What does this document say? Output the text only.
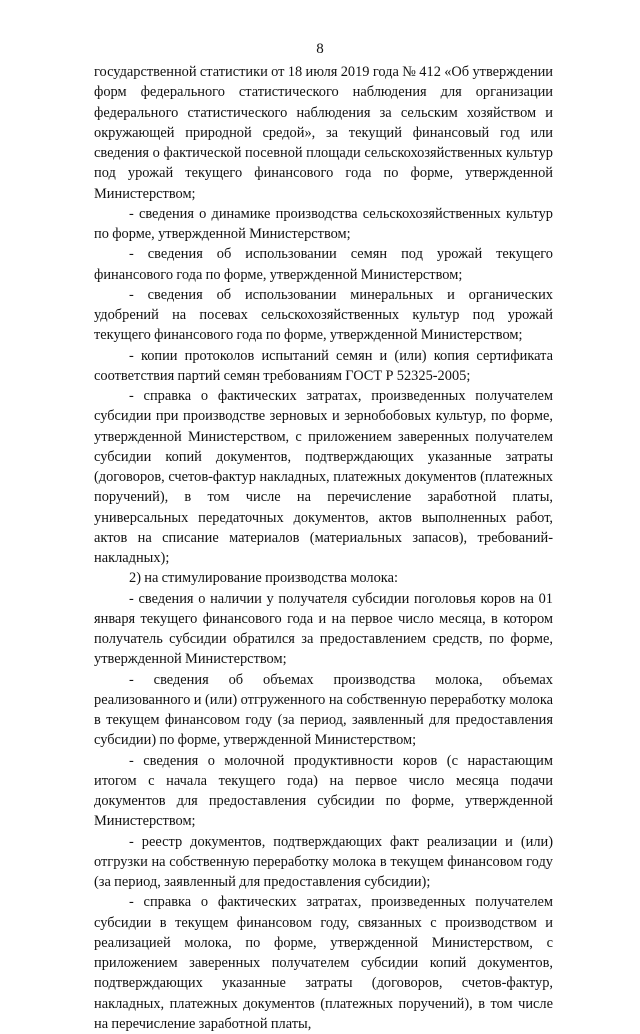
8

государственной статистики от 18 июля 2019 года № 412 «Об утверждении форм федерального статистического наблюдения для организации федерального статистического наблюдения за сельским хозяйством и окружающей природной средой», за текущий финансовый год или сведения о фактической посевной площади сельскохозяйственных культур под урожай текущего финансового года по форме, утвержденной Министерством;

- сведения о динамике производства сельскохозяйственных культур по форме, утвержденной Министерством;

- сведения об использовании семян под урожай текущего финансового года по форме, утвержденной Министерством;

- сведения об использовании минеральных и органических удобрений на посевах сельскохозяйственных культур под урожай текущего финансового года по форме, утвержденной Министерством;

- копии протоколов испытаний семян и (или) копия сертификата соответствия партий семян требованиям ГОСТ Р 52325-2005;

- справка о фактических затратах, произведенных получателем субсидии при производстве зерновых и зернобобовых культур, по форме, утвержденной Министерством, с приложением заверенных получателем субсидии копий документов, подтверждающих указанные затраты (договоров, счетов-фактур накладных, платежных документов (платежных поручений), в том числе на перечисление заработной платы, универсальных передаточных документов, актов выполненных работ, актов на списание материалов (материальных запасов), требований-накладных);

2) на стимулирование производства молока:

- сведения о наличии у получателя субсидии поголовья коров на 01 января текущего финансового года и на первое число месяца, в котором получатель субсидии обратился за предоставлением средств, по форме, утвержденной Министерством;

- сведения об объемах производства молока, объемах реализованного и (или) отгруженного на собственную переработку молока в текущем финансовом году (за период, заявленный для предоставления субсидии) по форме, утвержденной Министерством;

- сведения о молочной продуктивности коров (с нарастающим итогом с начала текущего года) на первое число месяца подачи документов для предоставления субсидии по форме, утвержденной Министерством;

- реестр документов, подтверждающих факт реализации и (или) отгрузки на собственную переработку молока в текущем финансовом году (за период, заявленный для предоставления субсидии);

- справка о фактических затратах, произведенных получателем субсидии в текущем финансовом году, связанных с производством и реализацией молока, по форме, утвержденной Министерством, с приложением заверенных получателем субсидии копий документов, подтверждающих указанные затраты (договоров, счетов-фактур, накладных, платежных документов (платежных поручений), в том числе на перечисление заработной платы,
